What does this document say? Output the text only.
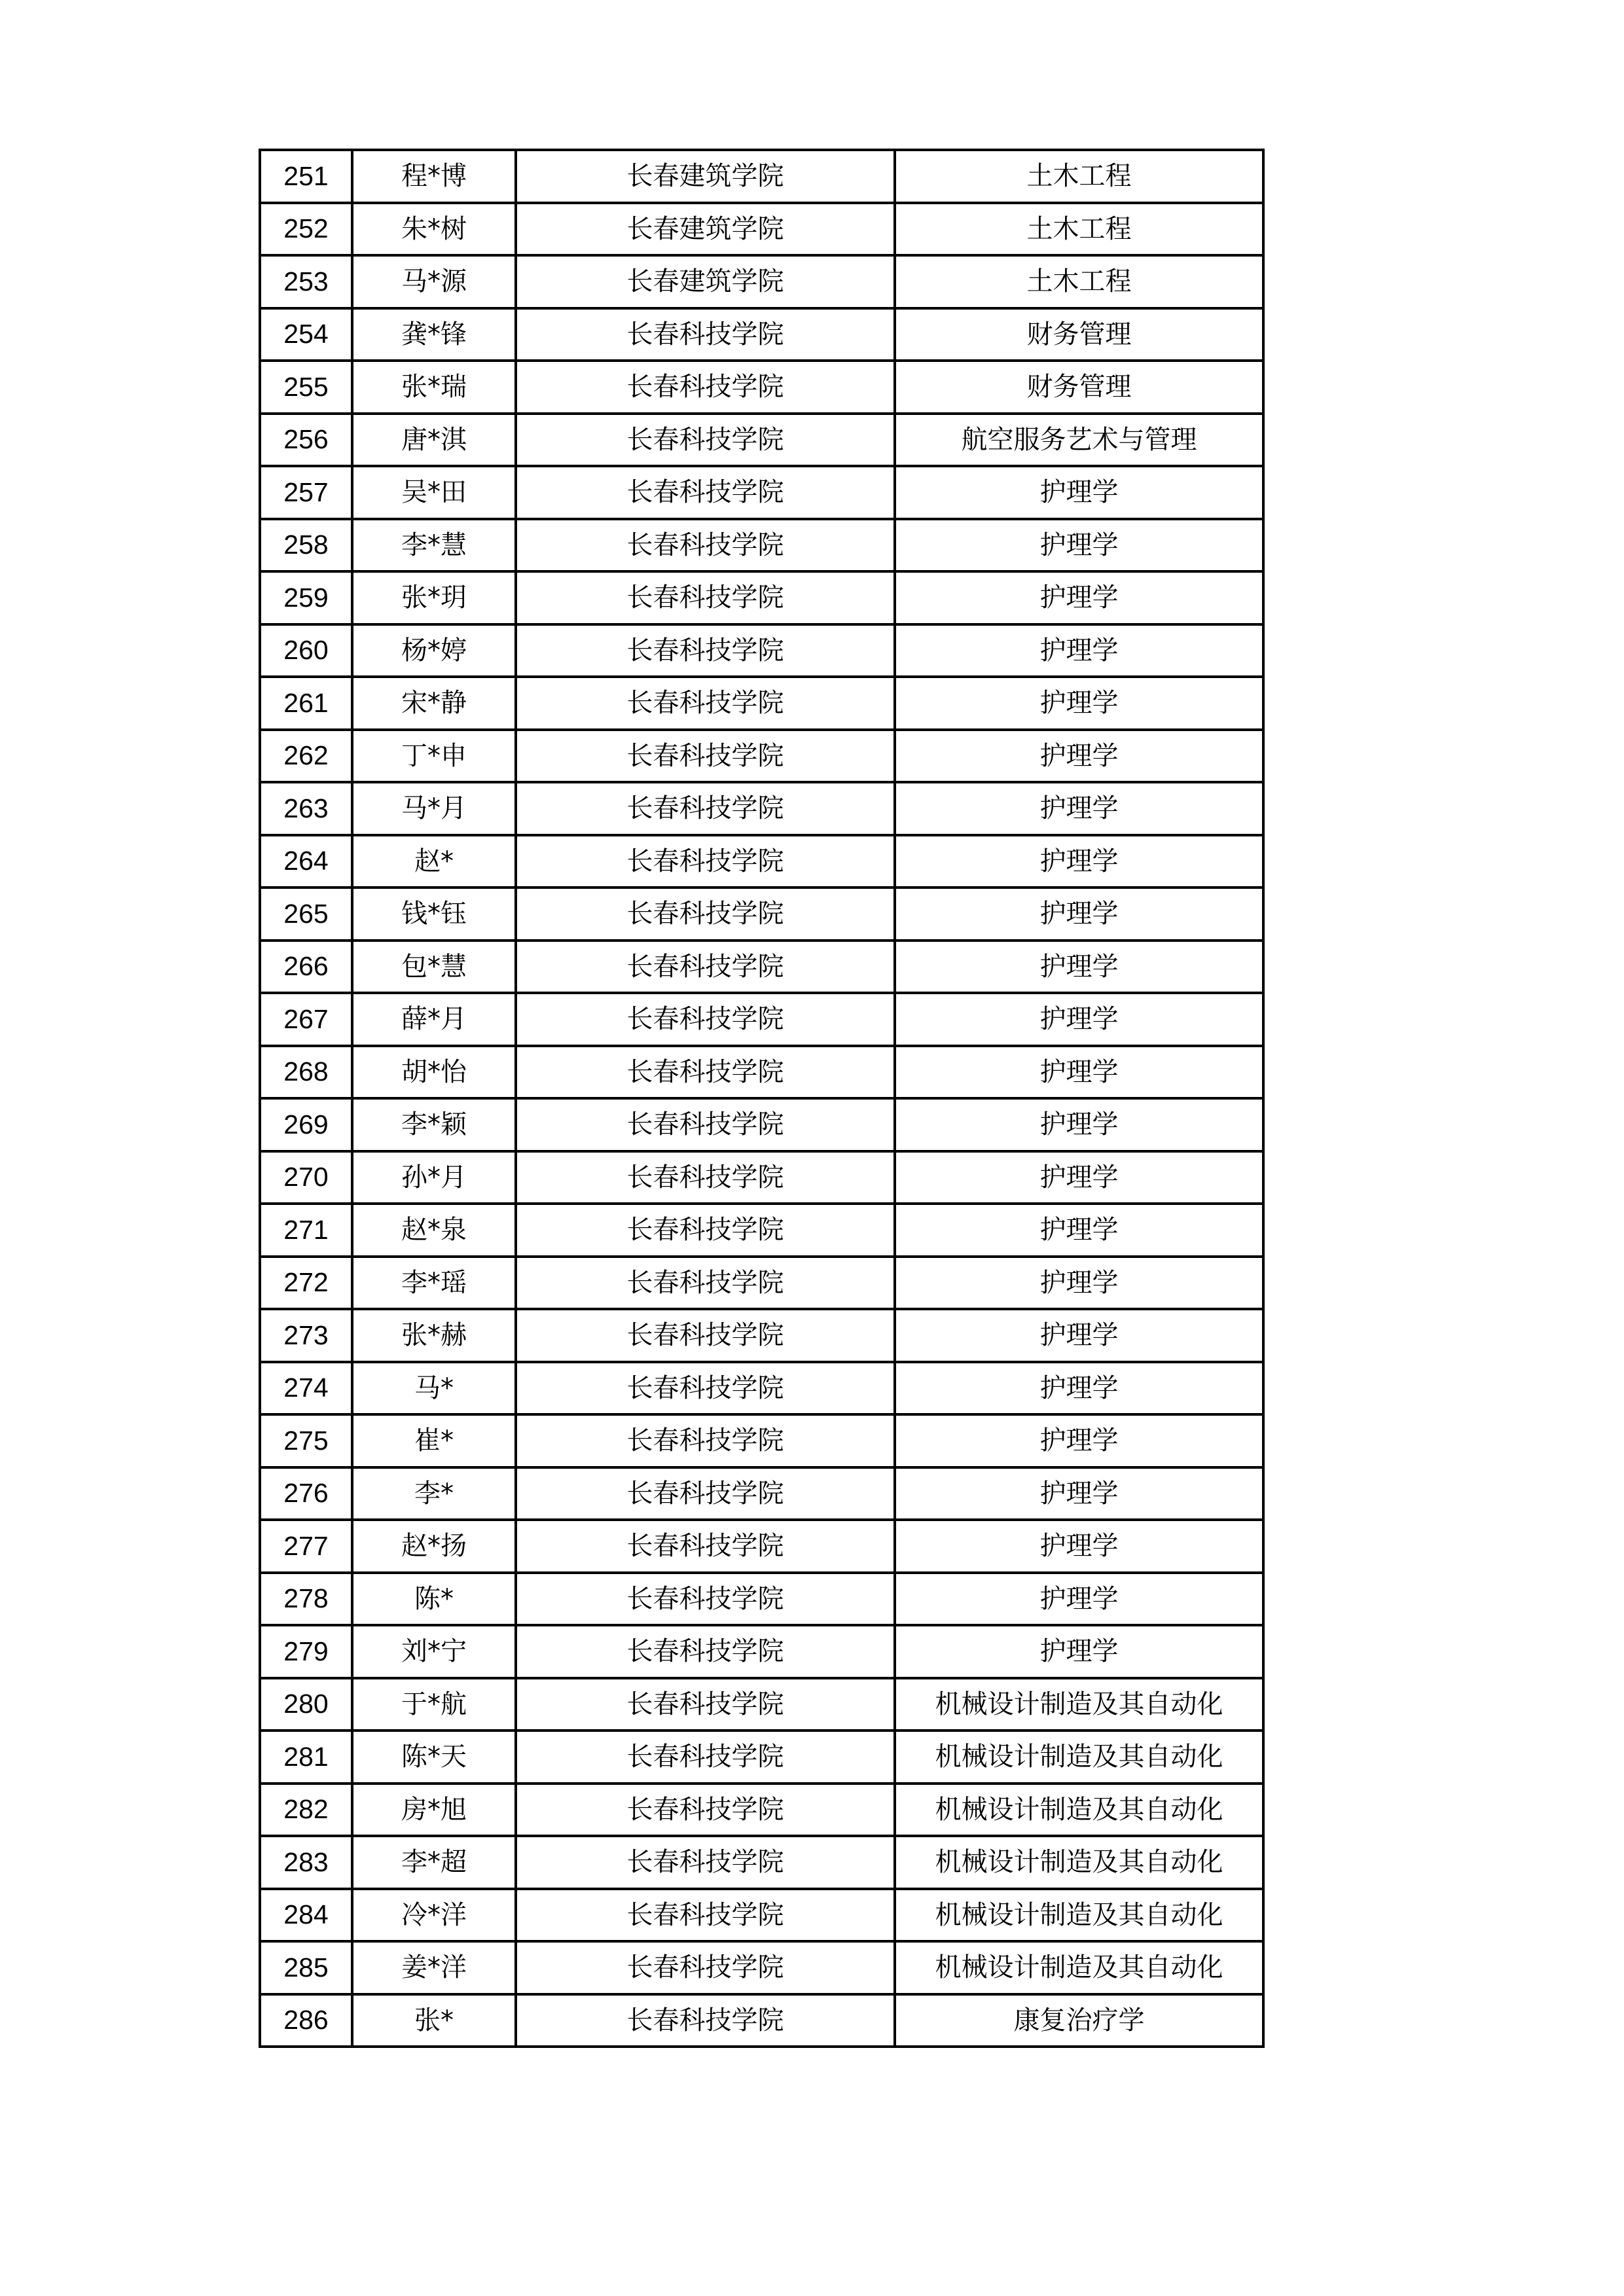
251	程*博	长春建筑学院	土木工程
252	朱*树	长春建筑学院	土木工程
253	马*源	长春建筑学院	土木工程
254	龚*锋	长春科技学院	财务管理
255	张*瑞	长春科技学院	财务管理
256	唐*淇	长春科技学院	航空服务艺术与管理
257	吴*田	长春科技学院	护理学
258	李*慧	长春科技学院	护理学
259	张*玥	长春科技学院	护理学
260	杨*婷	长春科技学院	护理学
261	宋*静	长春科技学院	护理学
262	丁*申	长春科技学院	护理学
263	马*月	长春科技学院	护理学
264	赵*	长春科技学院	护理学
265	钱*钰	长春科技学院	护理学
266	包*慧	长春科技学院	护理学
267	薛*月	长春科技学院	护理学
268	胡*怡	长春科技学院	护理学
269	李*颖	长春科技学院	护理学
270	孙*月	长春科技学院	护理学
271	赵*泉	长春科技学院	护理学
272	李*瑶	长春科技学院	护理学
273	张*赫	长春科技学院	护理学
274	马*	长春科技学院	护理学
275	崔*	长春科技学院	护理学
276	李*	长春科技学院	护理学
277	赵*扬	长春科技学院	护理学
278	陈*	长春科技学院	护理学
279	刘*宁	长春科技学院	护理学
280	于*航	长春科技学院	机械设计制造及其自动化
281	陈*天	长春科技学院	机械设计制造及其自动化
282	房*旭	长春科技学院	机械设计制造及其自动化
283	李*超	长春科技学院	机械设计制造及其自动化
284	冷*洋	长春科技学院	机械设计制造及其自动化
285	姜*洋	长春科技学院	机械设计制造及其自动化
286	张*	长春科技学院	康复治疗学
